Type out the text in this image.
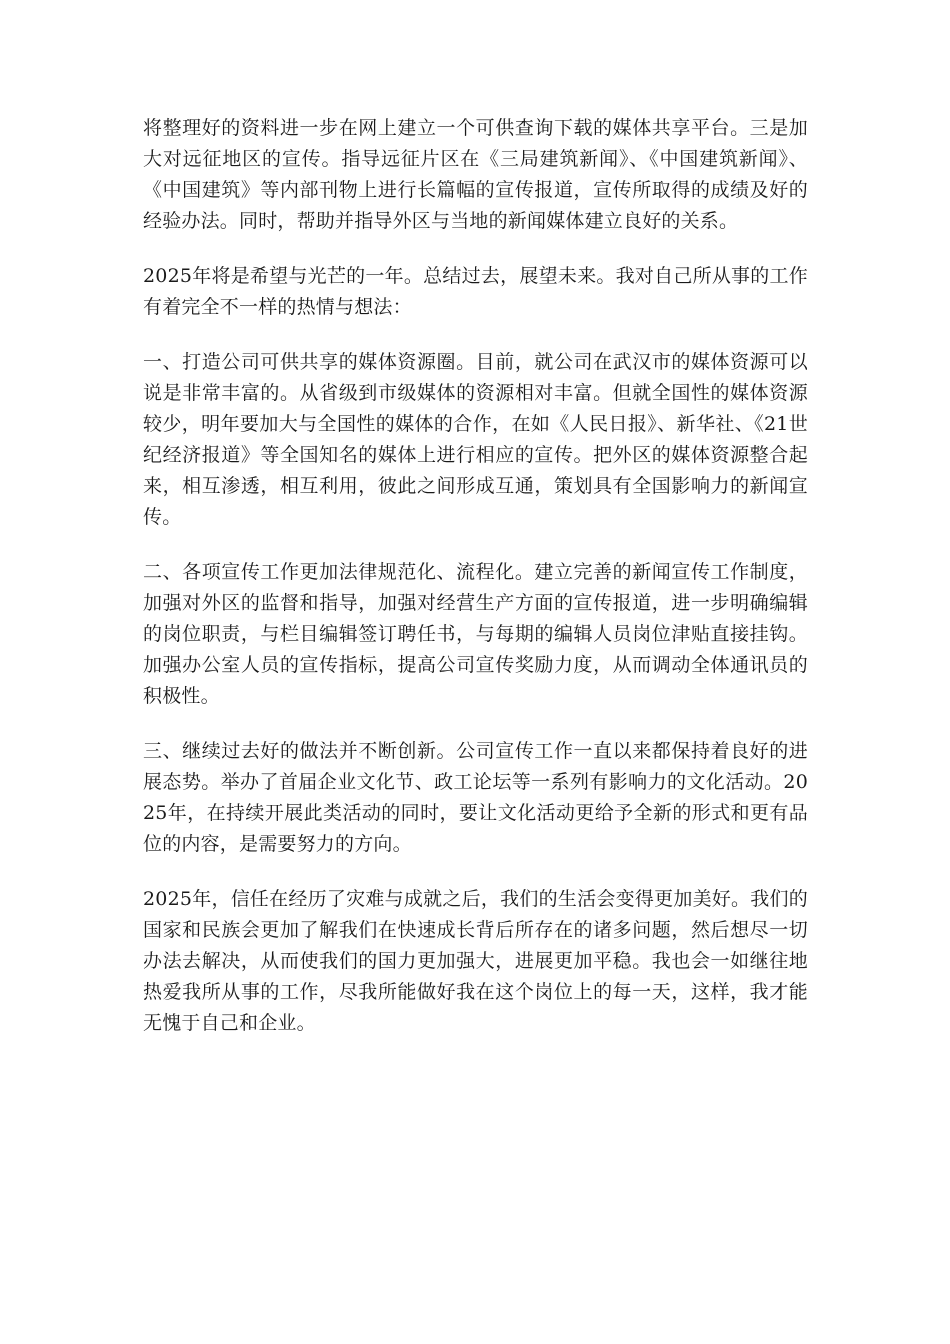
将整理好的资料进一步在网上建立一个可供查询下载的媒体共享平台。三是加大对远征地区的宣传。指导远征片区在《三局建筑新闻》、《中国建筑新闻》、《中国建筑》等内部刊物上进行长篇幅的宣传报道，宣传所取得的成绩及好的经验办法。同时，帮助并指导外区与当地的新闻媒体建立良好的关系。

2025年将是希望与光芒的一年。总结过去，展望未来。我对自己所从事的工作有着完全不一样的热情与想法：

一、打造公司可供共享的媒体资源圈。目前，就公司在武汉市的媒体资源可以说是非常丰富的。从省级到市级媒体的资源相对丰富。但就全国性的媒体资源较少，明年要加大与全国性的媒体的合作，在如《人民日报》、新华社、《21世纪经济报道》等全国知名的媒体上进行相应的宣传。把外区的媒体资源整合起来，相互渗透，相互利用，彼此之间形成互通，策划具有全国影响力的新闻宣传。

二、各项宣传工作更加法律规范化、流程化。建立完善的新闻宣传工作制度，加强对外区的监督和指导，加强对经营生产方面的宣传报道，进一步明确编辑的岗位职责，与栏目编辑签订聘任书，与每期的编辑人员岗位津贴直接挂钩。加强办公室人员的宣传指标，提高公司宣传奖励力度，从而调动全体通讯员的积极性。

三、继续过去好的做法并不断创新。公司宣传工作一直以来都保持着良好的进展态势。举办了首届企业文化节、政工论坛等一系列有影响力的文化活动。2025年，在持续开展此类活动的同时，要让文化活动更给予全新的形式和更有品位的内容，是需要努力的方向。

2025年，信任在经历了灾难与成就之后，我们的生活会变得更加美好。我们的国家和民族会更加了解我们在快速成长背后所存在的诸多问题，然后想尽一切办法去解决，从而使我们的国力更加强大，进展更加平稳。我也会一如继往地热爱我所从事的工作，尽我所能做好我在这个岗位上的每一天，这样，我才能无愧于自己和企业。
